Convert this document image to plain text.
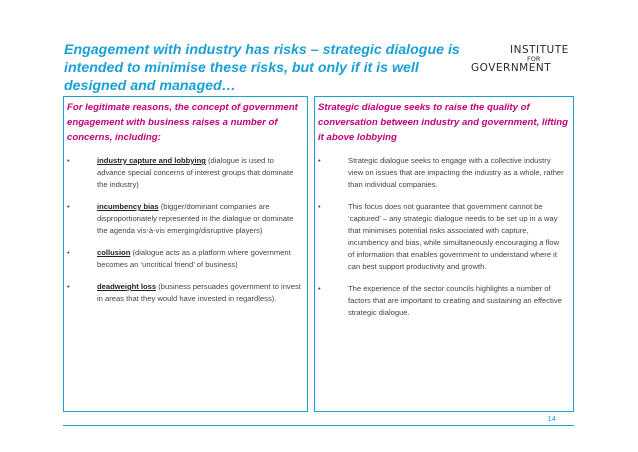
Engagement with industry has risks – strategic dialogue is intended to minimise these risks, but only if it is well designed and managed…
INSTITUTE
FOR
GOVERNMENT
For legitimate reasons, the concept of government engagement with business raises a number of concerns, including:
•	industry capture and lobbying (dialogue is used to advance special concerns of interest groups that dominate the industry)
•	incumbency bias (bigger/dominant companies are disproportionately represented in the dialogue or dominate the agenda vis-à-vis emerging/disruptive players)
•	collusion (dialogue acts as a platform where government becomes an ‘uncritical friend’ of business)
•	deadweight loss (business persuades government to invest in areas that they would have invested in regardless).
Strategic dialogue seeks to raise the quality of conversation between industry and government, lifting it above lobbying
•	Strategic dialogue seeks to engage with a collective industry view on issues that are impacting the industry as a whole, rather than individual companies.
•	This focus does not guarantee that government cannot be ‘captured’ – any strategic dialogue needs to be set up in a way that minimises potential risks associated with capture, incumbency and bias, while simultaneously encouraging a flow of information that enables government to understand where it can best support productivity and growth.
•	The experience of the sector councils highlights a number of factors that are important to creating and sustaining an effective strategic dialogue.
14
